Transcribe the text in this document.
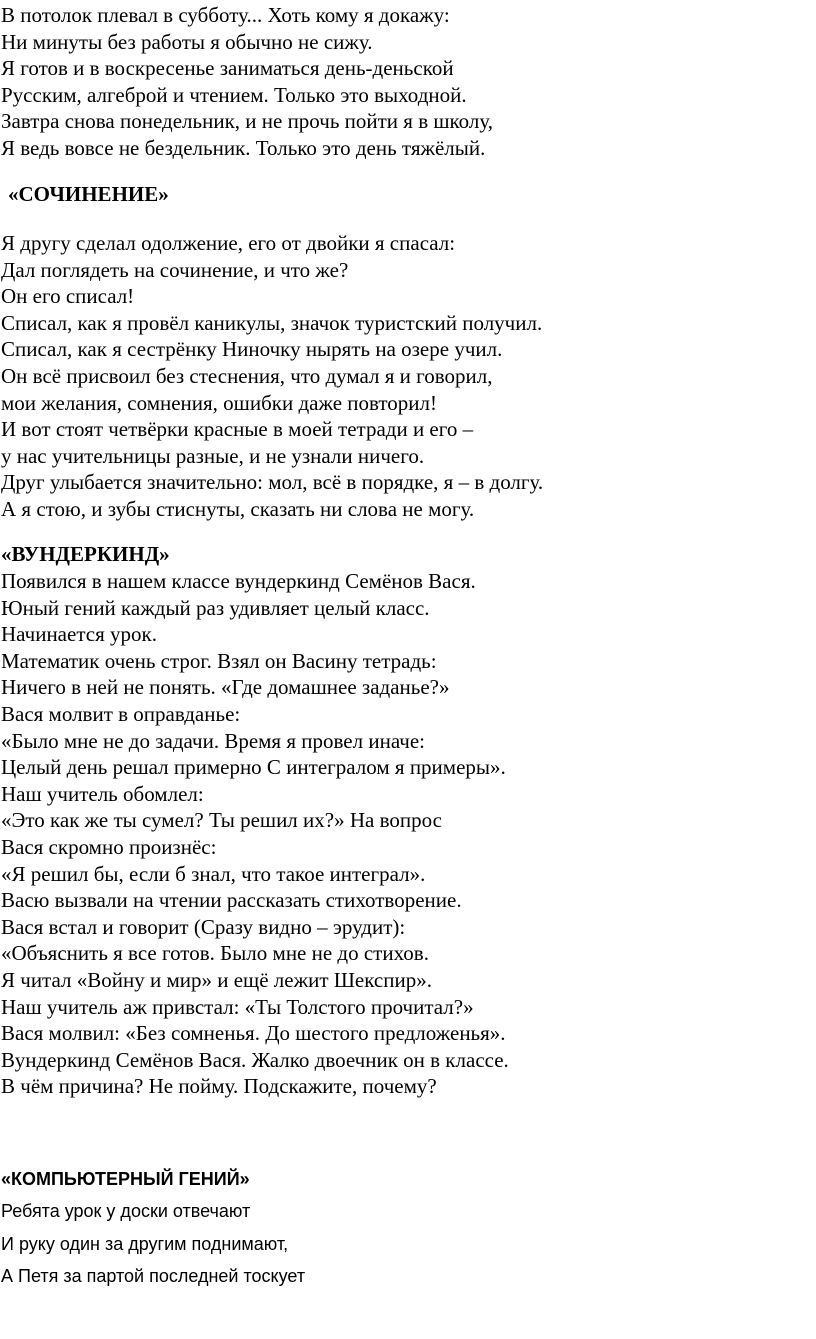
В потолок плевал в субботу... Хоть кому я докажу:
Ни минуты без работы я обычно не сижу.
Я готов и в воскресенье заниматься день-деньской
Русским, алгеброй и чтением. Только это выходной.
Завтра снова понедельник, и не прочь пойти я в школу,
Я ведь вовсе не бездельник. Только это день тяжёлый.
«СОЧИНЕНИЕ»
Я другу сделал одолжение, его от двойки я спасал:
Дал поглядеть на сочинение, и что же?
Он его списал!
Списал, как я провёл каникулы, значок туристский получил.
Списал, как я сестрёнку Ниночку нырять на озере учил.
Он всё присвоил без стеснения, что думал я и говорил,
мои желания, сомнения, ошибки даже повторил!
И вот стоят четвёрки красные в моей тетради и его –
у нас учительницы разные, и не узнали ничего.
Друг улыбается значительно: мол, всё в порядке, я – в долгу.
А я стою, и зубы стиснуты, сказать ни слова не могу.
«ВУНДЕРКИНД»
Появился в нашем классе вундеркинд Семёнов Вася.
Юный гений каждый раз удивляет целый класс.
Начинается урок.
Математик очень строг. Взял он Васину тетрадь:
Ничего в ней не понять. «Где домашнее заданье?»
Вася молвит в оправданье:
«Было мне не до задачи. Время я провел иначе:
Целый день решал примерно С интегралом я примеры».
Наш учитель обомлел:
«Это как же ты сумел? Ты решил их?» На вопрос
Вася скромно произнёс:
«Я решил бы, если б знал, что такое интеграл».
Васю вызвали на чтении рассказать стихотворение.
Вася встал и говорит (Сразу видно – эрудит):
«Объяснить я все готов. Было мне не до стихов.
Я читал «Войну и мир» и ещё лежит Шекспир».
Наш учитель аж привстал: «Ты Толстого прочитал?»
Вася молвил: «Без сомненья. До шестого предложенья».
Вундеркинд Семёнов Вася. Жалко двоечник он в классе.
В чём причина? Не пойму. Подскажите, почему?
«КОМПЬЮТЕРНЫЙ ГЕНИЙ»
Ребята урок у доски отвечают
И руку один за другим поднимают,
А Петя за партой последней тоскует
